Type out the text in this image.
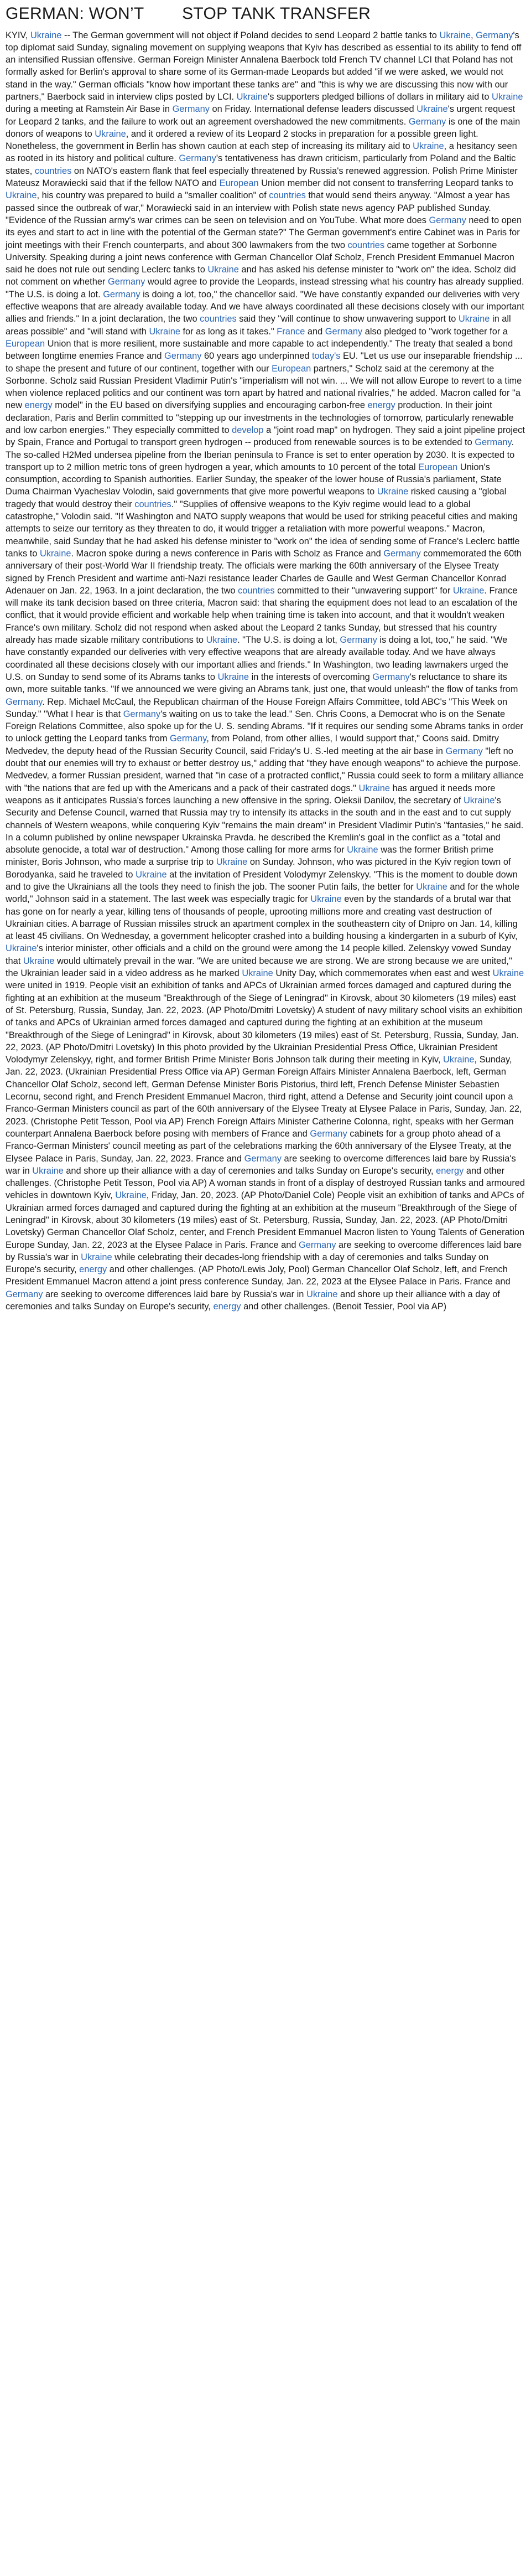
GERMAN: WON’T        STOP TANK TRANSFER

KYIV, Ukraine -- The German government will not object if Poland decides to send Leopard 2 battle tanks to Ukraine, Germany's top diplomat said Sunday, signaling movement on supplying weapons that Kyiv has described as essential to its ability to fend off an intensified Russian offensive. German Foreign Minister Annalena Baerbock told French TV channel LCI that Poland has not formally asked for Berlin's approval to share some of its German-made Leopards but added "if we were asked, we would not stand in the way." German officials "know how important these tanks are" and "this is why we are discussing this now with our partners," Baerbock said in interview clips posted by LCI. Ukraine's supporters pledged billions of dollars in military aid to Ukraine during a meeting at Ramstein Air Base in Germany on Friday. International defense leaders discussed Ukraine's urgent request for Leopard 2 tanks, and the failure to work out an agreement overshadowed the new commitments. Germany is one of the main donors of weapons to Ukraine, and it ordered a review of its Leopard 2 stocks in preparation for a possible green light. Nonetheless, the government in Berlin has shown caution at each step of increasing its military aid to Ukraine, a hesitancy seen as rooted in its history and political culture. Germany's tentativeness has drawn criticism, particularly from Poland and the Baltic states, countries on NATO's eastern flank that feel especially threatened by Russia's renewed aggression. Polish Prime Minister Mateusz Morawiecki said that if the fellow NATO and European Union member did not consent to transferring Leopard tanks to Ukraine, his country was prepared to build a "smaller coalition" of countries that would send theirs anyway. "Almost a year has passed since the outbreak of war," Morawiecki said in an interview with Polish state news agency PAP published Sunday. "Evidence of the Russian army's war crimes can be seen on television and on YouTube. What more does Germany need to open its eyes and start to act in line with the potential of the German state?" The German government's entire Cabinet was in Paris for joint meetings with their French counterparts, and about 300 lawmakers from the two countries came together at Sorbonne University. Speaking during a joint news conference with German Chancellor Olaf Scholz, French President Emmanuel Macron said he does not rule out sending Leclerc tanks to Ukraine and has asked his defense minister to "work on" the idea. Scholz did not comment on whether Germany would agree to provide the Leopards, instead stressing what his country has already supplied. "The U.S. is doing a lot. Germany is doing a lot, too," the chancellor said. "We have constantly expanded our deliveries with very effective weapons that are already available today. And we have always coordinated all these decisions closely with our important allies and friends." In a joint declaration, the two countries said they "will continue to show unwavering support to Ukraine in all areas possible" and "will stand with Ukraine for as long as it takes." France and Germany also pledged to "work together for a European Union that is more resilient, more sustainable and more capable to act independently." The treaty that sealed a bond between longtime enemies France and Germany 60 years ago underpinned today's EU. "Let us use our inseparable friendship ... to shape the present and future of our continent, together with our European partners," Scholz said at the ceremony at the Sorbonne. Scholz said Russian President Vladimir Putin's "imperialism will not win. ... We will not allow Europe to revert to a time when violence replaced politics and our continent was torn apart by hatred and national rivalries," he added. Macron called for "a new energy model" in the EU based on diversifying supplies and encouraging carbon-free energy production. In their joint declaration, Paris and Berlin committed to "stepping up our investments in the technologies of tomorrow, particularly renewable and low carbon energies." They especially committed to develop a "joint road map" on hydrogen. They said a joint pipeline project by Spain, France and Portugal to transport green hydrogen -- produced from renewable sources is to be extended to Germany. The so-called H2Med undersea pipeline from the Iberian peninsula to France is set to enter operation by 2030. It is expected to transport up to 2 million metric tons of green hydrogen a year, which amounts to 10 percent of the total European Union's consumption, according to Spanish authorities. Earlier Sunday, the speaker of the lower house of Russia's parliament, State Duma Chairman Vyacheslav Volodin, said governments that give more powerful weapons to Ukraine risked causing a "global tragedy that would destroy their countries." "Supplies of offensive weapons to the Kyiv regime would lead to a global catastrophe," Volodin said. "If Washington and NATO supply weapons that would be used for striking peaceful cities and making attempts to seize our territory as they threaten to do, it would trigger a retaliation with more powerful weapons." Macron, meanwhile, said Sunday that he had asked his defense minister to "work on" the idea of sending some of France's Leclerc battle tanks to Ukraine. Macron spoke during a news conference in Paris with Scholz as France and Germany commemorated the 60th anniversary of their post-World War II friendship treaty. The officials were marking the 60th anniversary of the Elysee Treaty signed by French President and wartime anti-Nazi resistance leader Charles de Gaulle and West German Chancellor Konrad Adenauer on Jan. 22, 1963. In a joint declaration, the two countries committed to their "unwavering support" for Ukraine. France will make its tank decision based on three criteria, Macron said: that sharing the equipment does not lead to an escalation of the conflict, that it would provide efficient and workable help when training time is taken into account, and that it wouldn't weaken France's own military. Scholz did not respond when asked about the Leopard 2 tanks Sunday, but stressed that his country already has made sizable military contributions to Ukraine. "The U.S. is doing a lot, Germany is doing a lot, too," he said. "We have constantly expanded our deliveries with very effective weapons that are already available today. And we have always coordinated all these decisions closely with our important allies and friends." In Washington, two leading lawmakers urged the U.S. on Sunday to send some of its Abrams tanks to Ukraine in the interests of overcoming Germany's reluctance to share its own, more suitable tanks. "If we announced we were giving an Abrams tank, just one, that would unleash" the flow of tanks from Germany. Rep. Michael McCaul, the Republican chairman of the House Foreign Affairs Committee, told ABC's "This Week on Sunday." "What I hear is that Germany's waiting on us to take the lead." Sen. Chris Coons, a Democrat who is on the Senate Foreign Relations Committee, also spoke up for the U. S. sending Abrams. "If it requires our sending some Abrams tanks in order to unlock getting the Leopard tanks from Germany, from Poland, from other allies, I would support that," Coons said. Dmitry Medvedev, the deputy head of the Russian Security Council, said Friday's U. S.-led meeting at the air base in Germany "left no doubt that our enemies will try to exhaust or better destroy us," adding that "they have enough weapons" to achieve the purpose. Medvedev, a former Russian president, warned that "in case of a protracted conflict," Russia could seek to form a military alliance with "the nations that are fed up with the Americans and a pack of their castrated dogs." Ukraine has argued it needs more weapons as it anticipates Russia's forces launching a new offensive in the spring. Oleksii Danilov, the secretary of Ukraine's Security and Defense Council, warned that Russia may try to intensify its attacks in the south and in the east and to cut supply channels of Western weapons, while conquering Kyiv "remains the main dream" in President Vladimir Putin's "fantasies," he said. In a column published by online newspaper Ukrainska Pravda. he described the Kremlin's goal in the conflict as a "total and absolute genocide, a total war of destruction." Among those calling for more arms for Ukraine was the former British prime minister, Boris Johnson, who made a surprise trip to Ukraine on Sunday. Johnson, who was pictured in the Kyiv region town of Borodyanka, said he traveled to Ukraine at the invitation of President Volodymyr Zelenskyy. "This is the moment to double down and to give the Ukrainians all the tools they need to finish the job. The sooner Putin fails, the better for Ukraine and for the whole world," Johnson said in a statement. The last week was especially tragic for Ukraine even by the standards of a brutal war that has gone on for nearly a year, killing tens of thousands of people, uprooting millions more and creating vast destruction of Ukrainian cities. A barrage of Russian missiles struck an apartment complex in the southeastern city of Dnipro on Jan. 14, killing at least 45 civilians. On Wednesday, a government helicopter crashed into a building housing a kindergarten in a suburb of Kyiv, Ukraine's interior minister, other officials and a child on the ground were among the 14 people killed. Zelenskyy vowed Sunday that Ukraine would ultimately prevail in the war. "We are united because we are strong. We are strong because we are united," the Ukrainian leader said in a video address as he marked Ukraine Unity Day, which commemorates when east and west Ukraine were united in 1919. People visit an exhibition of tanks and APCs of Ukrainian armed forces damaged and captured during the fighting at an exhibition at the museum "Breakthrough of the Siege of Leningrad" in Kirovsk, about 30 kilometers (19 miles) east of St. Petersburg, Russia, Sunday, Jan. 22, 2023. (AP Photo/Dmitri Lovetsky) A student of navy military school visits an exhibition of tanks and APCs of Ukrainian armed forces damaged and captured during the fighting at an exhibition at the museum "Breakthrough of the Siege of Leningrad" in Kirovsk, about 30 kilometers (19 miles) east of St. Petersburg, Russia, Sunday, Jan. 22, 2023. (AP Photo/Dmitri Lovetsky) In this photo provided by the Ukrainian Presidential Press Office, Ukrainian President Volodymyr Zelenskyy, right, and former British Prime Minister Boris Johnson talk during their meeting in Kyiv, Ukraine, Sunday, Jan. 22, 2023. (Ukrainian Presidential Press Office via AP) German Foreign Affairs Minister Annalena Baerbock, left, German Chancellor Olaf Scholz, second left, German Defense Minister Boris Pistorius, third left, French Defense Minister Sebastien Lecornu, second right, and French President Emmanuel Macron, third right, attend a Defense and Security joint council upon a Franco-German Ministers council as part of the 60th anniversary of the Elysee Treaty at Elysee Palace in Paris, Sunday, Jan. 22, 2023. (Christophe Petit Tesson, Pool via AP) French Foreign Affairs Minister Catherine Colonna, right, speaks with her German counterpart Annalena Baerbock before posing with members of France and Germany cabinets for a group photo ahead of a Franco-German Ministers' council meeting as part of the celebrations marking the 60th anniversary of the Elysee Treaty, at the Elysee Palace in Paris, Sunday, Jan. 22, 2023. France and Germany are seeking to overcome differences laid bare by Russia's war in Ukraine and shore up their alliance with a day of ceremonies and talks Sunday on Europe's security, energy and other challenges. (Christophe Petit Tesson, Pool via AP) A woman stands in front of a display of destroyed Russian tanks and armoured vehicles in downtown Kyiv, Ukraine, Friday, Jan. 20, 2023. (AP Photo/Daniel Cole) People visit an exhibition of tanks and APCs of Ukrainian armed forces damaged and captured during the fighting at an exhibition at the museum "Breakthrough of the Siege of Leningrad" in Kirovsk, about 30 kilometers (19 miles) east of St. Petersburg, Russia, Sunday, Jan. 22, 2023. (AP Photo/Dmitri Lovetsky) German Chancellor Olaf Scholz, center, and French President Emmanuel Macron listen to Young Talents of Generation Europe Sunday, Jan. 22, 2023 at the Elysee Palace in Paris. France and Germany are seeking to overcome differences laid bare by Russia's war in Ukraine while celebrating their decades-long friendship with a day of ceremonies and talks Sunday on Europe's security, energy and other challenges. (AP Photo/Lewis Joly, Pool) German Chancellor Olaf Scholz, left, and French President Emmanuel Macron attend a joint press conference Sunday, Jan. 22, 2023 at the Elysee Palace in Paris. France and Germany are seeking to overcome differences laid bare by Russia's war in Ukraine and shore up their alliance with a day of ceremonies and talks Sunday on Europe's security, energy and other challenges. (Benoit Tessier, Pool via AP)
